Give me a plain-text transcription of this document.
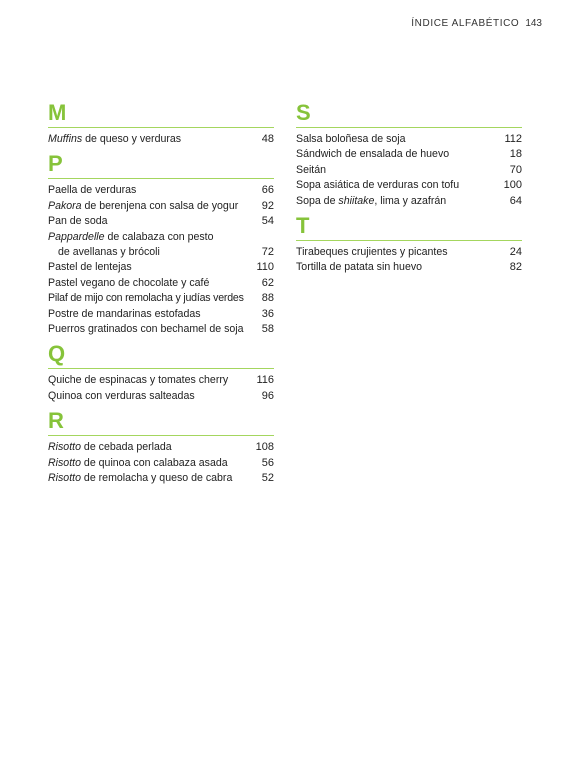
ÍNDICE ALFABÉTICO 143
M
Muffins de queso y verduras	48
P
Paella de verduras	66
Pakora de berenjena con salsa de yogur	92
Pan de soda	54
Pappardelle de calabaza con pesto
de avellanas y brócoli	72
Pastel de lentejas	110
Pastel vegano de chocolate y café	62
Pilaf de mijo con remolacha y judías verdes	88
Postre de mandarinas estofadas	36
Puerros gratinados con bechamel de soja	58
Q
Quiche de espinacas y tomates cherry	116
Quinoa con verduras salteadas	96
R
Risotto de cebada perlada	108
Risotto de quinoa con calabaza asada	56
Risotto de remolacha y queso de cabra	52
S
Salsa boloñesa de soja	112
Sándwich de ensalada de huevo	18
Seitán	70
Sopa asiática de verduras con tofu	100
Sopa de shiitake, lima y azafrán	64
T
Tirabeques crujientes y picantes	24
Tortilla de patata sin huevo	82
